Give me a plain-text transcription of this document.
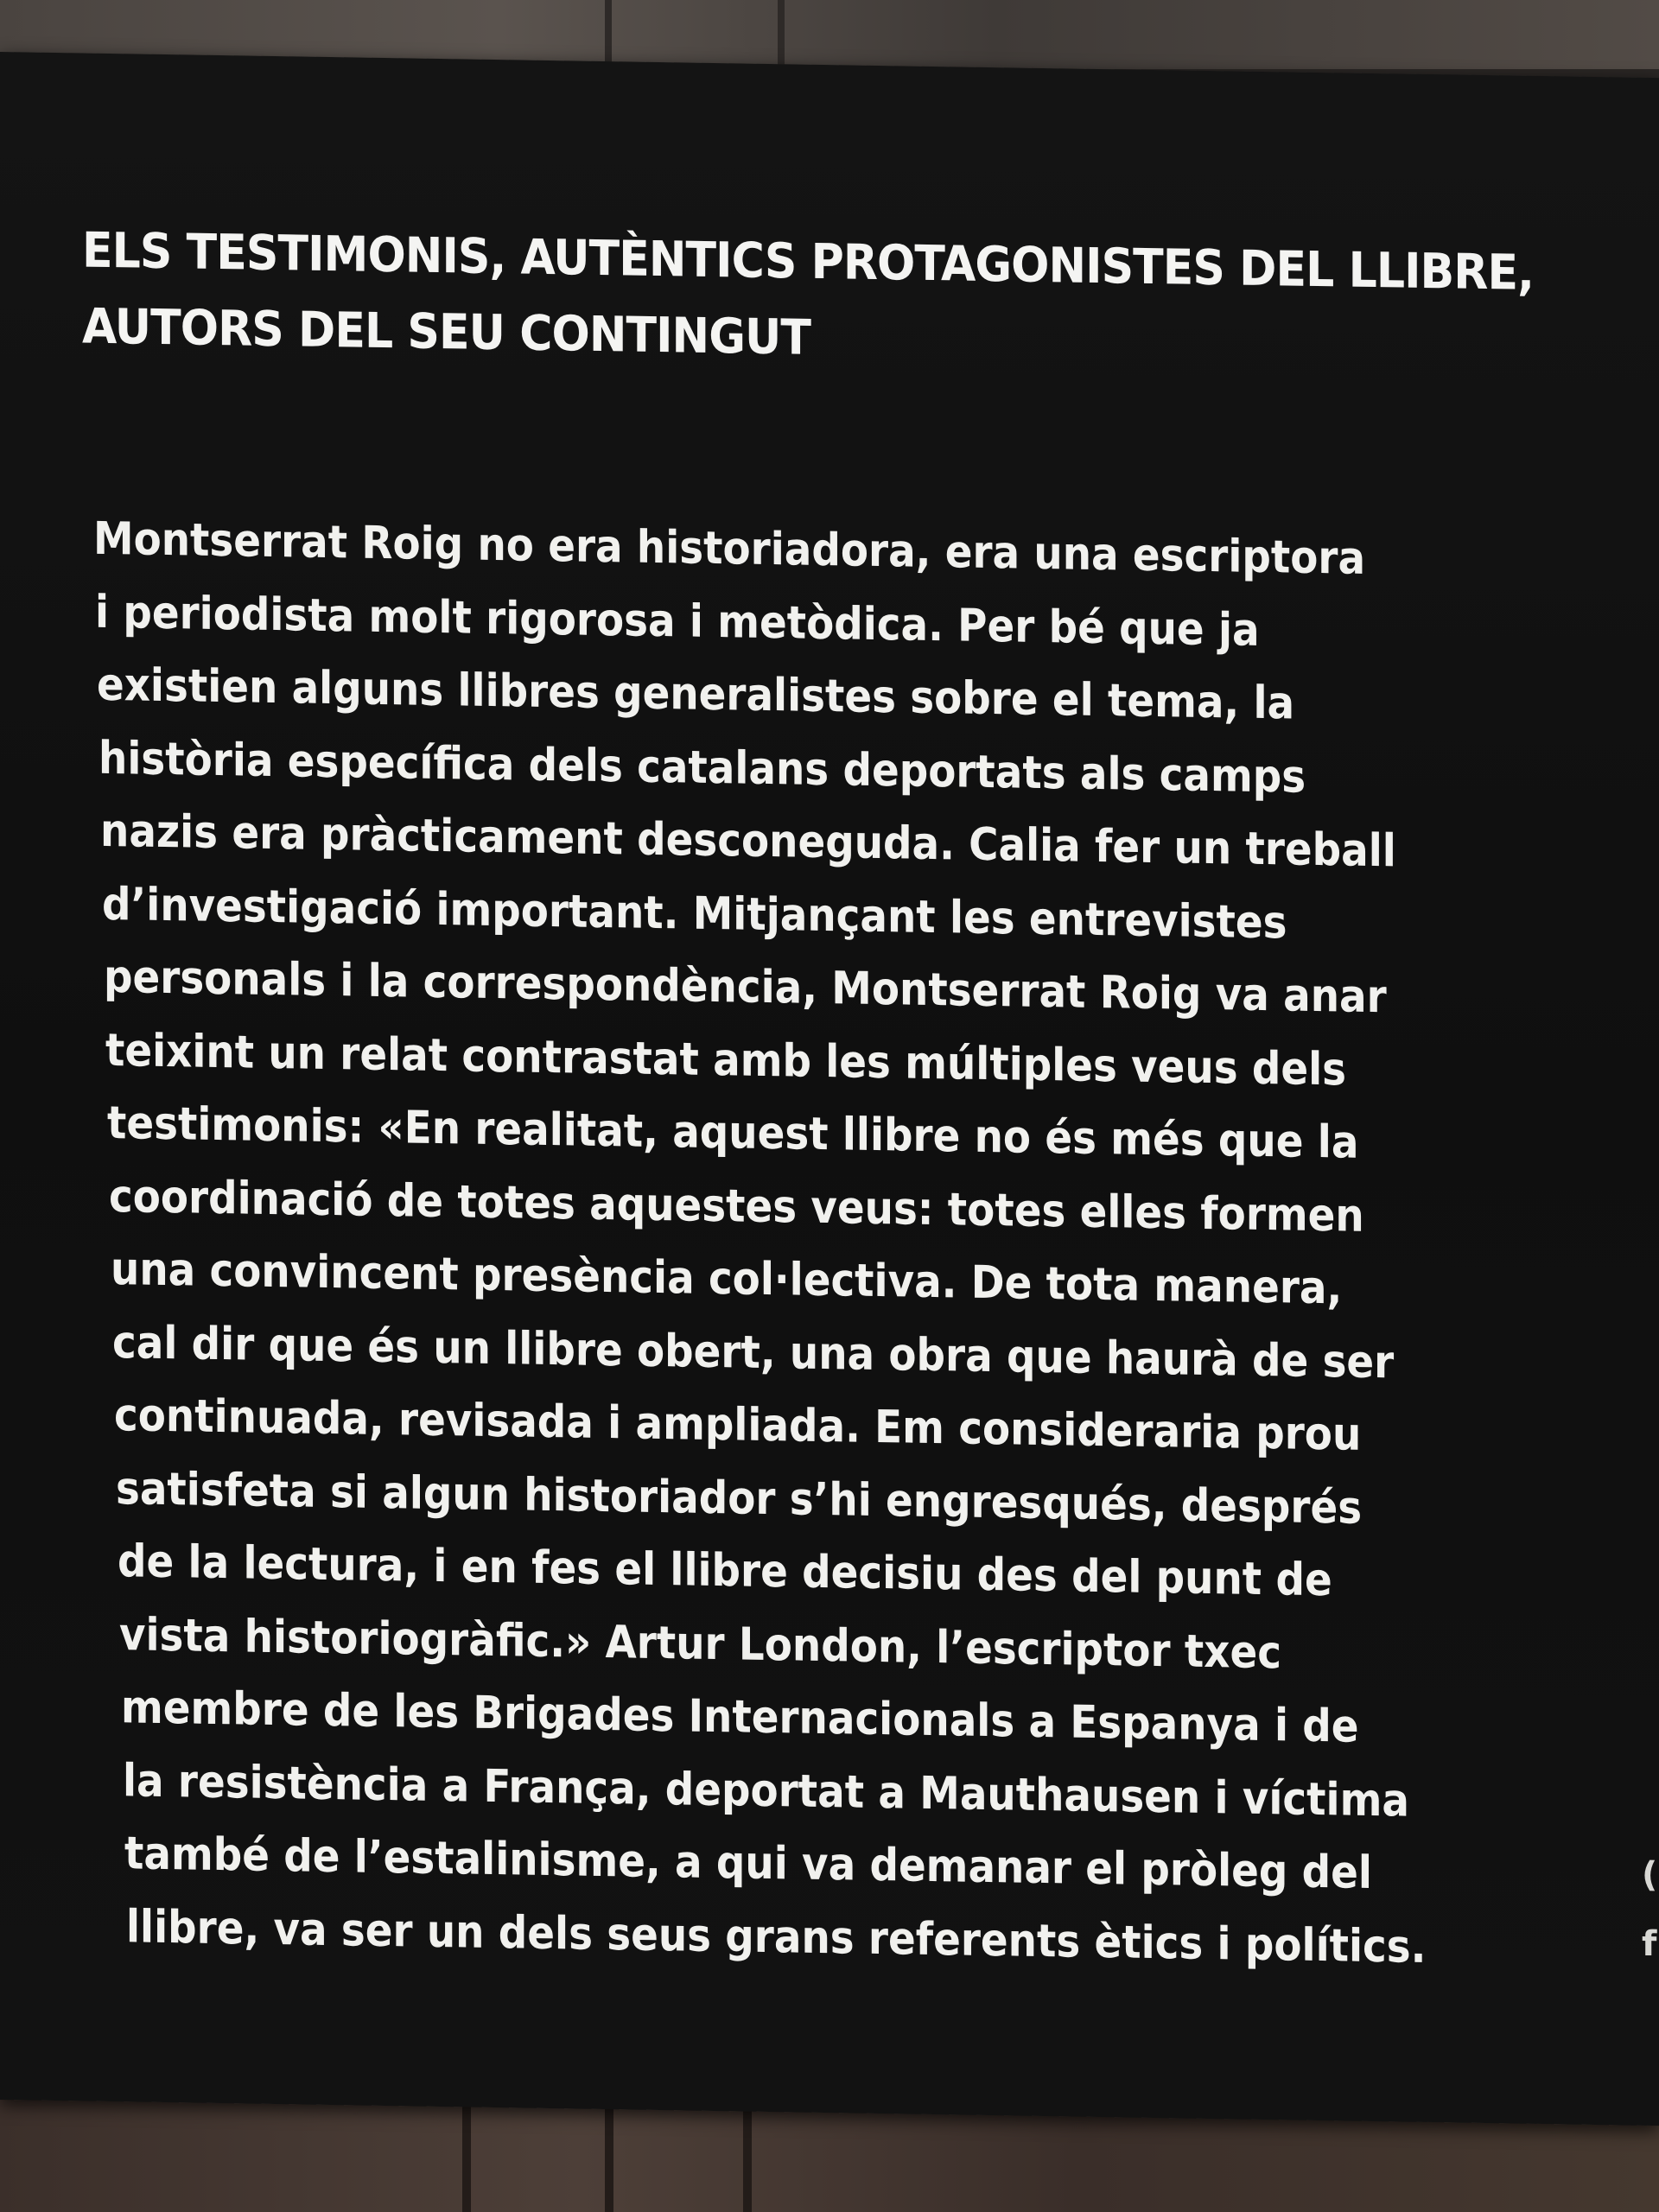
ELS TESTIMONIS, AUTÈNTICS PROTAGONISTES DEL LLIBRE,
AUTORS DEL SEU CONTINGUT
Montserrat Roig no era historiadora, era una escriptora
i periodista molt rigorosa i metòdica. Per bé que ja
existien alguns llibres generalistes sobre el tema, la
història específica dels catalans deportats als camps
nazis era pràcticament desconeguda. Calia fer un treball
d’investigació important. Mitjançant les entrevistes
personals i la correspondència, Montserrat Roig va anar
teixint un relat contrastat amb les múltiples veus dels
testimonis: «En realitat, aquest llibre no és més que la
coordinació de totes aquestes veus: totes elles formen
una convincent presència col·lectiva. De tota manera,
cal dir que és un llibre obert, una obra que haurà de ser
continuada, revisada i ampliada. Em consideraria prou
satisfeta si algun historiador s’hi engresqués, després
de la lectura, i en fes el llibre decisiu des del punt de
vista historiogràfic.» Artur London, l’escriptor txec
membre de les Brigades Internacionals a Espanya i de
la resistència a França, deportat a Mauthausen i víctima
també de l’estalinisme, a qui va demanar el pròleg del
llibre, va ser un dels seus grans referents ètics i polítics.
(
f
